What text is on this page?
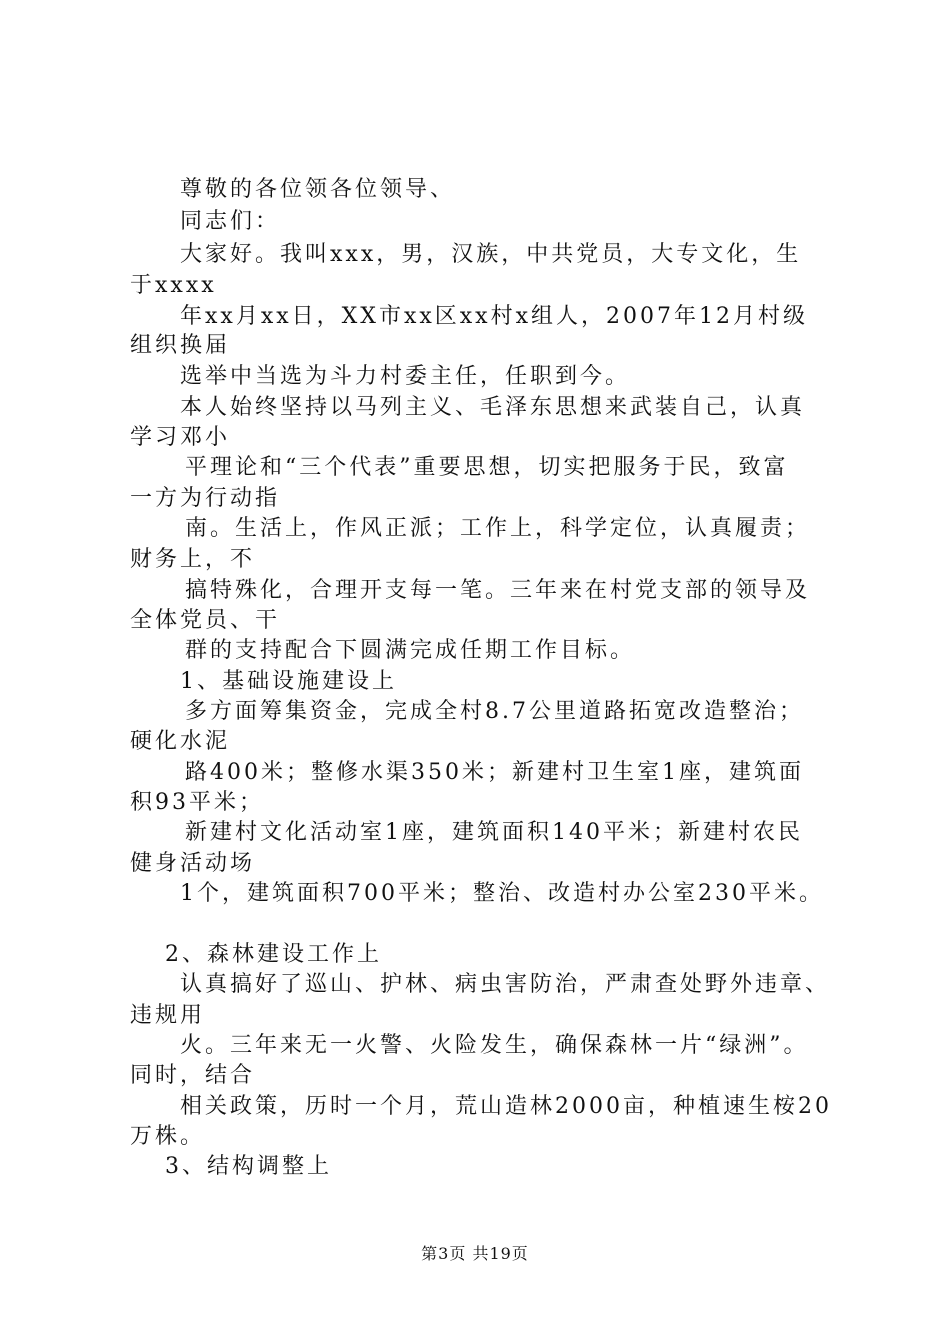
尊敬的各位领各位领导、
同志们：
大家好。我叫xxx，男，汉族，中共党员，大专文化，生
于xxxx
年xx月xx日，XX市xx区xx村x组人，2007年12月村级
组织换届
选举中当选为斗力村委主任，任职到今。
本人始终坚持以马列主义、毛泽东思想来武装自己，认真
学习邓小
平理论和“三个代表”重要思想，切实把服务于民，致富
一方为行动指
南。生活上，作风正派；工作上，科学定位，认真履责；
财务上，不
搞特殊化，合理开支每一笔。三年来在村党支部的领导及
全体党员、干
群的支持配合下圆满完成任期工作目标。
1、基础设施建设上
多方面筹集资金，完成全村8.7公里道路拓宽改造整治；
硬化水泥
路400米；整修水渠350米；新建村卫生室1座，建筑面
积93平米；
新建村文化活动室1座，建筑面积140平米；新建村农民
健身活动场
1个，建筑面积700平米；整治、改造村办公室230平米。
2、森林建设工作上
认真搞好了巡山、护林、病虫害防治，严肃查处野外违章、
违规用
火。三年来无一火警、火险发生，确保森林一片“绿洲”。
同时，结合
相关政策，历时一个月，荒山造林2000亩，种植速生桉20
万株。
3、结构调整上
第3页 共19页
